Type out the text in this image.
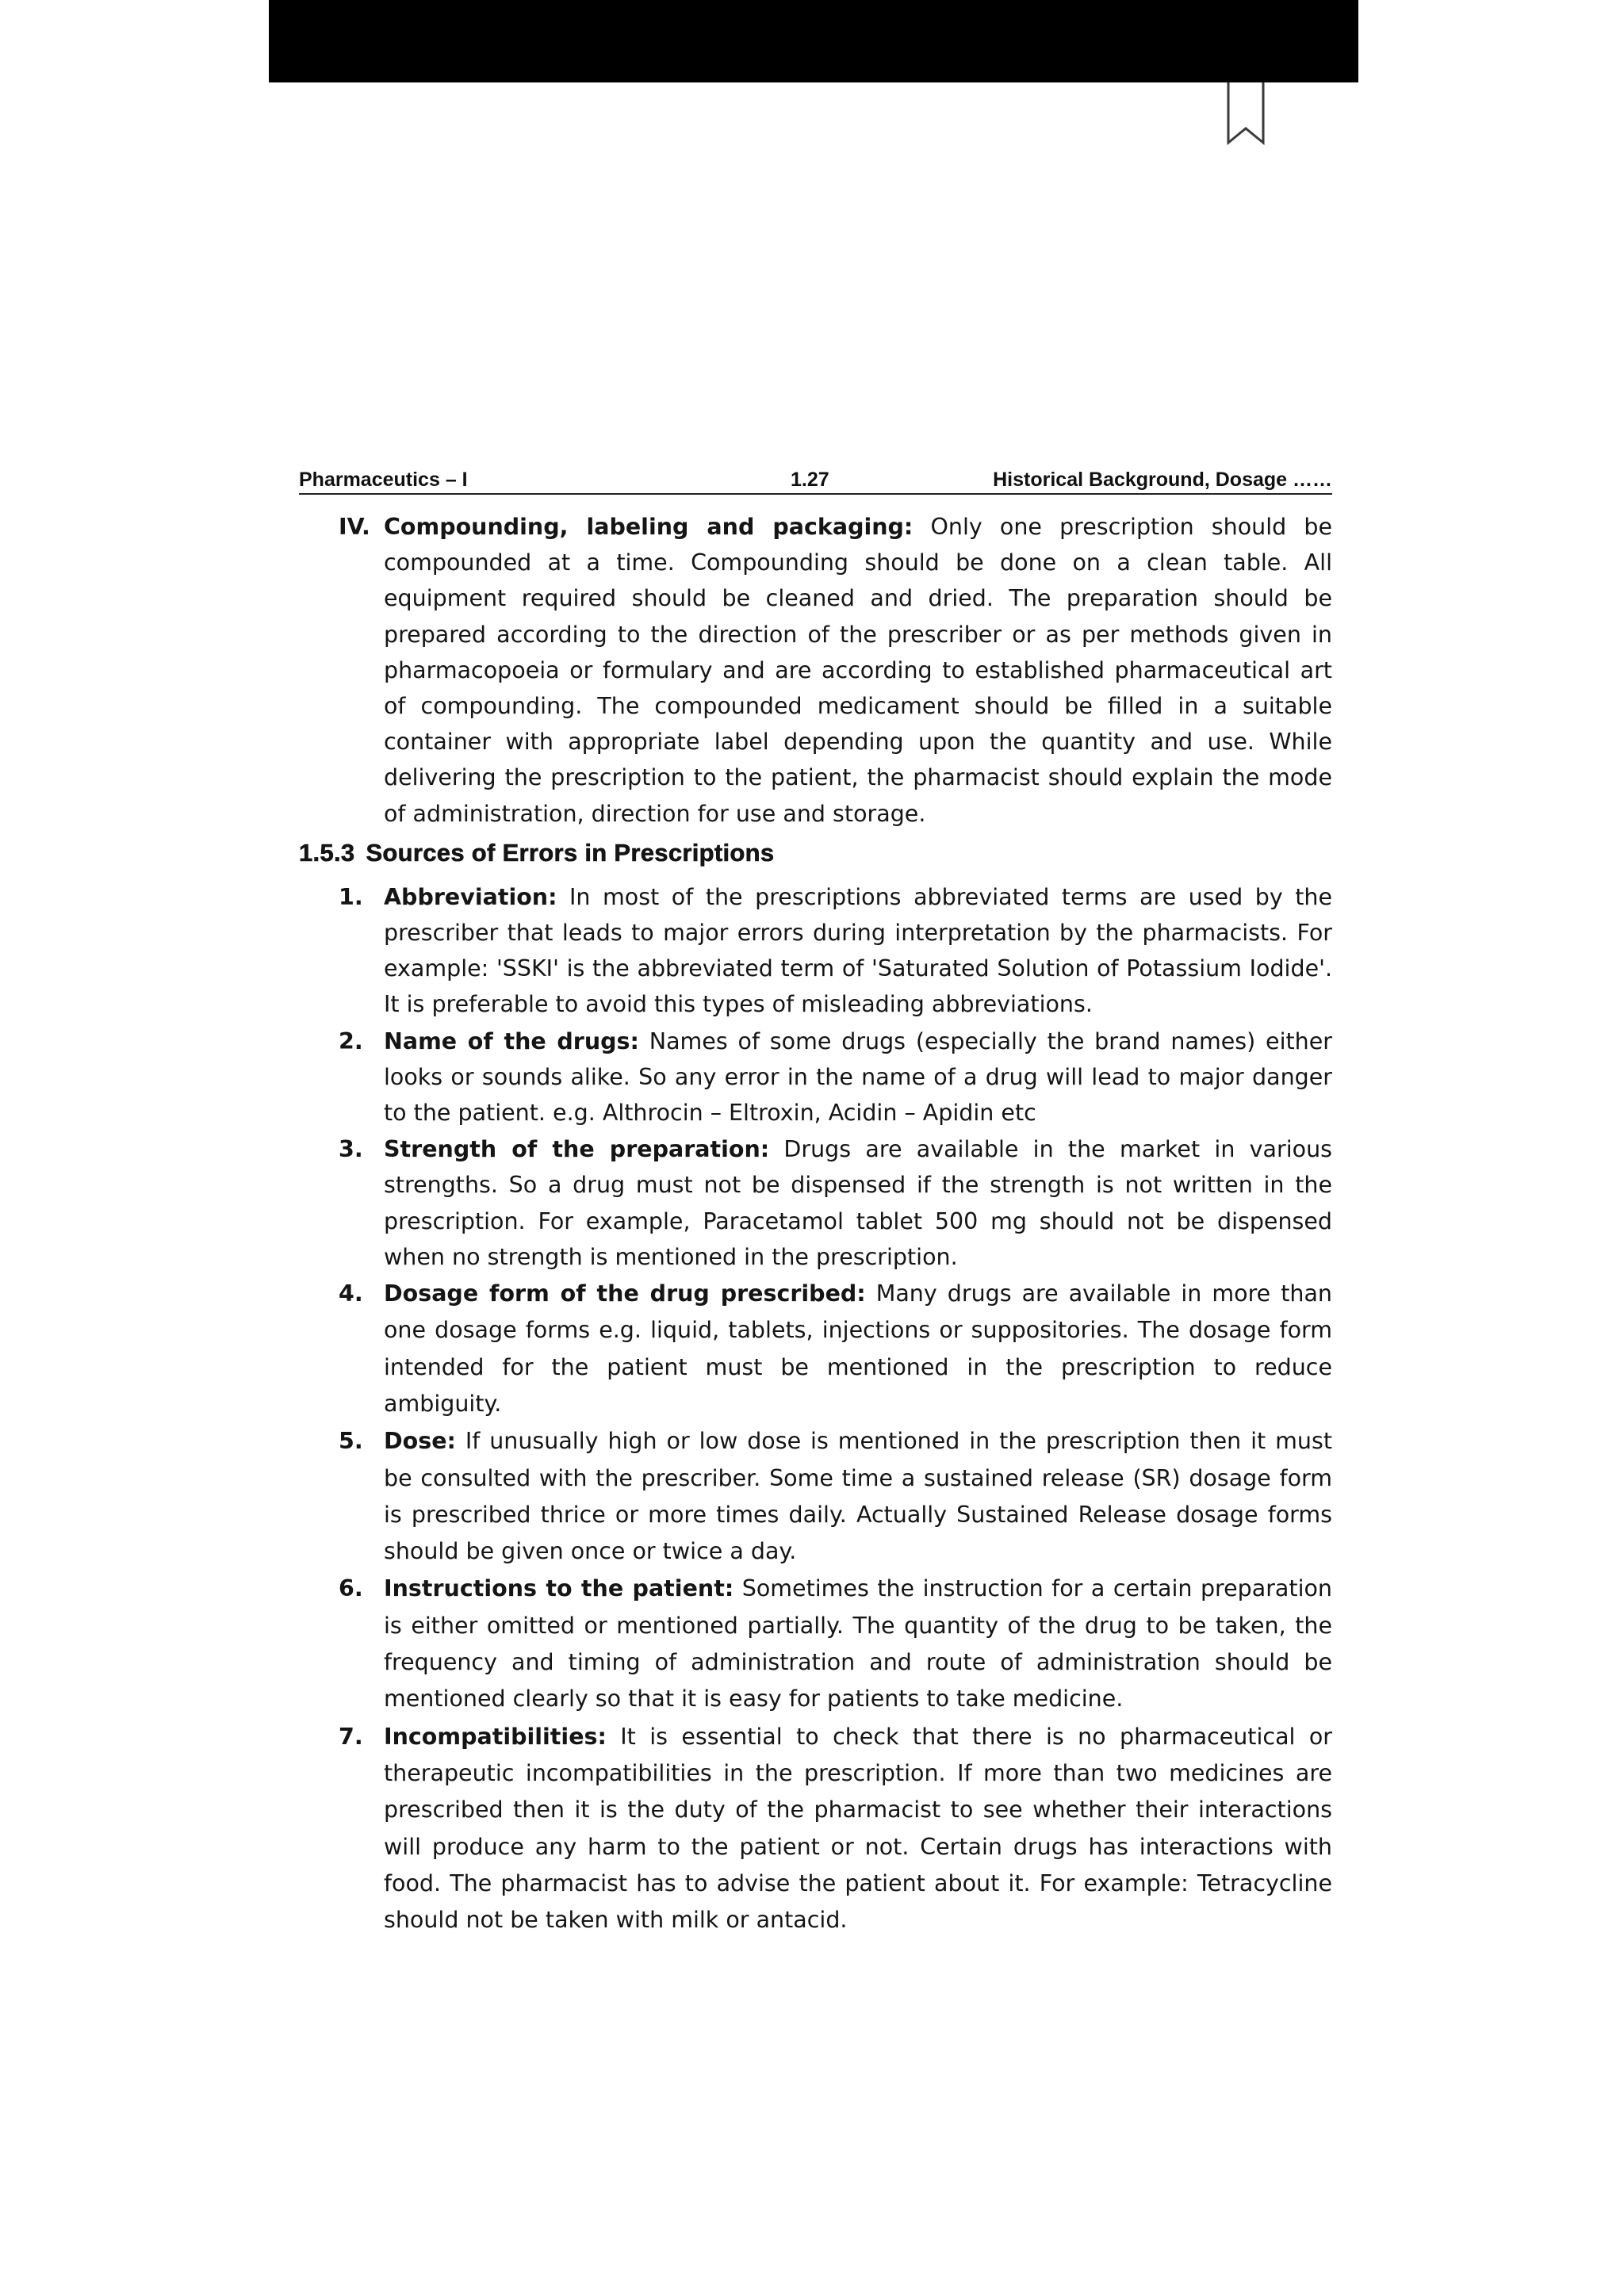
Pharmaceutics – I	1.27	Historical Background, Dosage ……
IV. Compounding, labeling and packaging: Only one prescription should be compounded at a time. Compounding should be done on a clean table. All equipment required should be cleaned and dried. The preparation should be prepared according to the direction of the prescriber or as per methods given in pharmacopoeia or formulary and are according to established pharmaceutical art of compounding. The compounded medicament should be filled in a suitable container with appropriate label depending upon the quantity and use. While delivering the prescription to the patient, the pharmacist should explain the mode of administration, direction for use and storage.
1.5.3 Sources of Errors in Prescriptions
1. Abbreviation: In most of the prescriptions abbreviated terms are used by the prescriber that leads to major errors during interpretation by the pharmacists. For example: 'SSKI' is the abbreviated term of 'Saturated Solution of Potassium Iodide'. It is preferable to avoid this types of misleading abbreviations.
2. Name of the drugs: Names of some drugs (especially the brand names) either looks or sounds alike. So any error in the name of a drug will lead to major danger to the patient. e.g. Althrocin – Eltroxin, Acidin – Apidin etc
3. Strength of the preparation: Drugs are available in the market in various strengths. So a drug must not be dispensed if the strength is not written in the prescription. For example, Paracetamol tablet 500 mg should not be dispensed when no strength is mentioned in the prescription.
4. Dosage form of the drug prescribed: Many drugs are available in more than one dosage forms e.g. liquid, tablets, injections or suppositories. The dosage form intended for the patient must be mentioned in the prescription to reduce ambiguity.
5. Dose: If unusually high or low dose is mentioned in the prescription then it must be consulted with the prescriber. Some time a sustained release (SR) dosage form is prescribed thrice or more times daily. Actually Sustained Release dosage forms should be given once or twice a day.
6. Instructions to the patient: Sometimes the instruction for a certain preparation is either omitted or mentioned partially. The quantity of the drug to be taken, the frequency and timing of administration and route of administration should be mentioned clearly so that it is easy for patients to take medicine.
7. Incompatibilities: It is essential to check that there is no pharmaceutical or therapeutic incompatibilities in the prescription. If more than two medicines are prescribed then it is the duty of the pharmacist to see whether their interactions will produce any harm to the patient or not. Certain drugs has interactions with food. The pharmacist has to advise the patient about it. For example: Tetracycline should not be taken with milk or antacid.
